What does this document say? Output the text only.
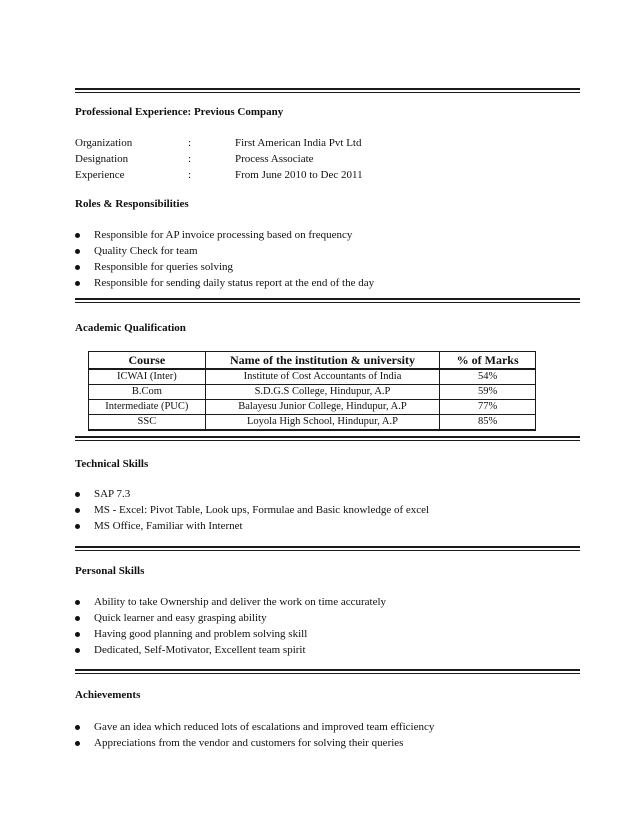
Professional Experience: Previous Company
Organization	:	First American India Pvt Ltd
Designation	:	Process Associate
Experience	:	From June 2010 to Dec 2011
Roles & Responsibilities
Responsible for AP invoice processing based on frequency
Quality Check for team
Responsible for queries solving
Responsible for sending daily status report at the end of the day
Academic Qualification
Course	Name of the institution & university	% of Marks
ICWAI (Inter)	Institute of Cost Accountants of India	54%
B.Com	S.D.G.S College, Hindupur, A.P	59%
Intermediate (PUC)	Balayesu Junior College, Hindupur, A.P	77%
SSC	Loyola High School, Hindupur, A.P	85%
Technical Skills
SAP 7.3
MS - Excel: Pivot Table, Look ups, Formulae and Basic knowledge of excel
MS Office, Familiar with Internet
Personal Skills
Ability to take Ownership and deliver the work on time accurately
Quick learner and easy grasping ability
Having good planning and problem solving skill
Dedicated, Self-Motivator, Excellent team spirit
Achievements
Gave an idea which reduced lots of escalations and improved team efficiency
Appreciations from the vendor and customers for solving their queries
